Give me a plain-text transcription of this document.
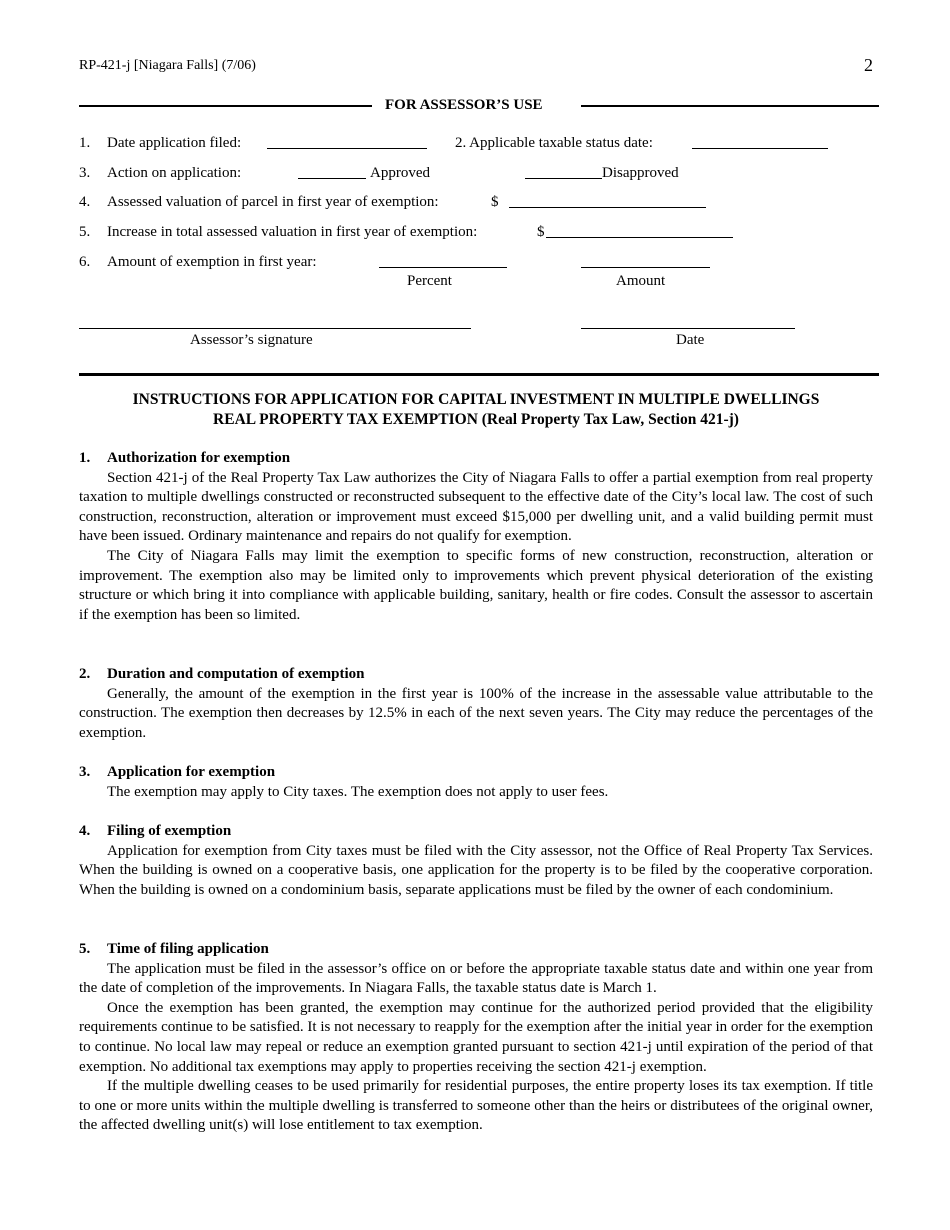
RP-421-j [Niagara Falls] (7/06)	2
FOR ASSESSOR’S USE
1. Date application filed:	2. Applicable taxable status date:
3. Action on application:	Approved	Disapproved
4. Assessed valuation of parcel in first year of exemption:	$
5. Increase in total assessed valuation in first year of exemption:	$
6. Amount of exemption in first year:
Percent	Amount
Assessor’s signature	Date
INSTRUCTIONS FOR APPLICATION FOR CAPITAL INVESTMENT IN MULTIPLE DWELLINGS
REAL PROPERTY TAX EXEMPTION (Real Property Tax Law, Section 421-j)
1. Authorization for exemption

Section 421-j of the Real Property Tax Law authorizes the City of Niagara Falls to offer a partial exemption from real property taxation to multiple dwellings constructed or reconstructed subsequent to the effective date of the City’s local law. The cost of such construction, reconstruction, alteration or improvement must exceed $15,000 per dwelling unit, and a valid building permit must have been issued. Ordinary maintenance and repairs do not qualify for exemption.

The City of Niagara Falls may limit the exemption to specific forms of new construction, reconstruction, alteration or improvement. The exemption also may be limited only to improvements which prevent physical deterioration of the existing structure or which bring it into compliance with applicable building, sanitary, health or fire codes. Consult the assessor to ascertain if the exemption has been so limited.

2. Duration and computation of exemption

Generally, the amount of the exemption in the first year is 100% of the increase in the assessable value attributable to the construction. The exemption then decreases by 12.5% in each of the next seven years. The City may reduce the percentages of the exemption.

3. Application for exemption

The exemption may apply to City taxes. The exemption does not apply to user fees.

4. Filing of exemption

Application for exemption from City taxes must be filed with the City assessor, not the Office of Real Property Tax Services. When the building is owned on a cooperative basis, one application for the property is to be filed by the cooperative corporation. When the building is owned on a condominium basis, separate applications must be filed by the owner of each condominium.

5. Time of filing application

The application must be filed in the assessor’s office on or before the appropriate taxable status date and within one year from the date of completion of the improvements. In Niagara Falls, the taxable status date is March 1.

Once the exemption has been granted, the exemption may continue for the authorized period provided that the eligibility requirements continue to be satisfied. It is not necessary to reapply for the exemption after the initial year in order for the exemption to continue. No local law may repeal or reduce an exemption granted pursuant to section 421-j until expiration of the period of that exemption. No additional tax exemptions may apply to properties receiving the section 421-j exemption.

If the multiple dwelling ceases to be used primarily for residential purposes, the entire property loses its tax exemption. If title to one or more units within the multiple dwelling is transferred to someone other than the heirs or distributees of the original owner, the affected dwelling unit(s) will lose entitlement to tax exemption.
